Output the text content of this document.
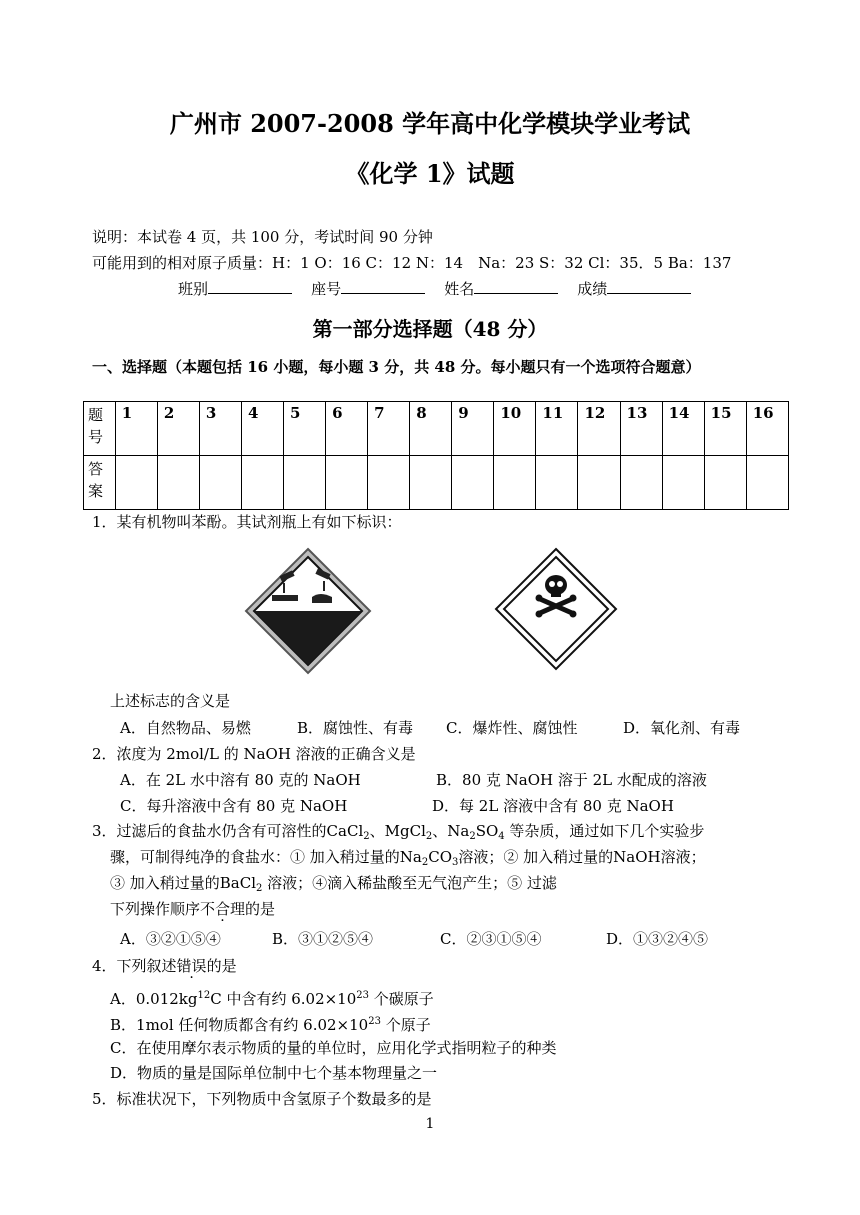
广州市 2007-2008 学年高中化学模块学业考试
《化学 1》试题
说明：本试卷 4 页，共 100 分，考试时间 90 分钟
可能用到的相对原子质量：H：1 O：16 C：12 N：14　Na：23 S：32 Cl：35．5 Ba：137
班别	座号	姓名	成绩
第一部分选择题（48 分）
一、选择题（本题包括 16 小题，每小题 3 分，共 48 分。每小题只有一个选项符合题意）
题号	1	2	3	4	5	6	7	8	9	10	11	12	13	14	15	16
答案																
1．某有机物叫苯酚。其试剂瓶上有如下标识：
上述标志的含义是
A．自然物品、易燃	B．腐蚀性、有毒 C．爆炸性、腐蚀性	D．氧化剂、有毒
2．浓度为 2mol/L 的 NaOH 溶液的正确含义是
A．在 2L 水中溶有 80 克的 NaOH	B．80 克 NaOH 溶于 2L 水配成的溶液
C．每升溶液中含有 80 克 NaOH	D．每 2L 溶液中含有 80 克 NaOH
3．过滤后的食盐水仍含有可溶性的CaCl$_2$、MgCl$_2$、$Na_2SO_4$ 等杂质，通过如下几个实验步
骤，可制得纯净的食盐水：① 加入稍过量的$Na_2CO_3$溶液；② 加入稍过量的NaOH溶液；
③ 加入稍过量的BaCl$_2$ 溶液；④滴入稀盐酸至无气泡产生；⑤ 过滤
下列操作顺序不合理的是
A．③②①⑤④	B．③①②⑤④	C．②③①⑤④	D．①③②④⑤
4．下列叙述错误的是
A．$0.012kg^{12}C$ 中含有约 $6.02\times 10^{23}$ 个碳原子
B．1mol 任何物质都含有约 $6.02\times 10^{23}$ 个原子
C．在使用摩尔表示物质的量的单位时，应用化学式指明粒子的种类
D．物质的量是国际单位制中七个基本物理量之一
5．标准状况下，下列物质中含氢原子个数最多的是
1
